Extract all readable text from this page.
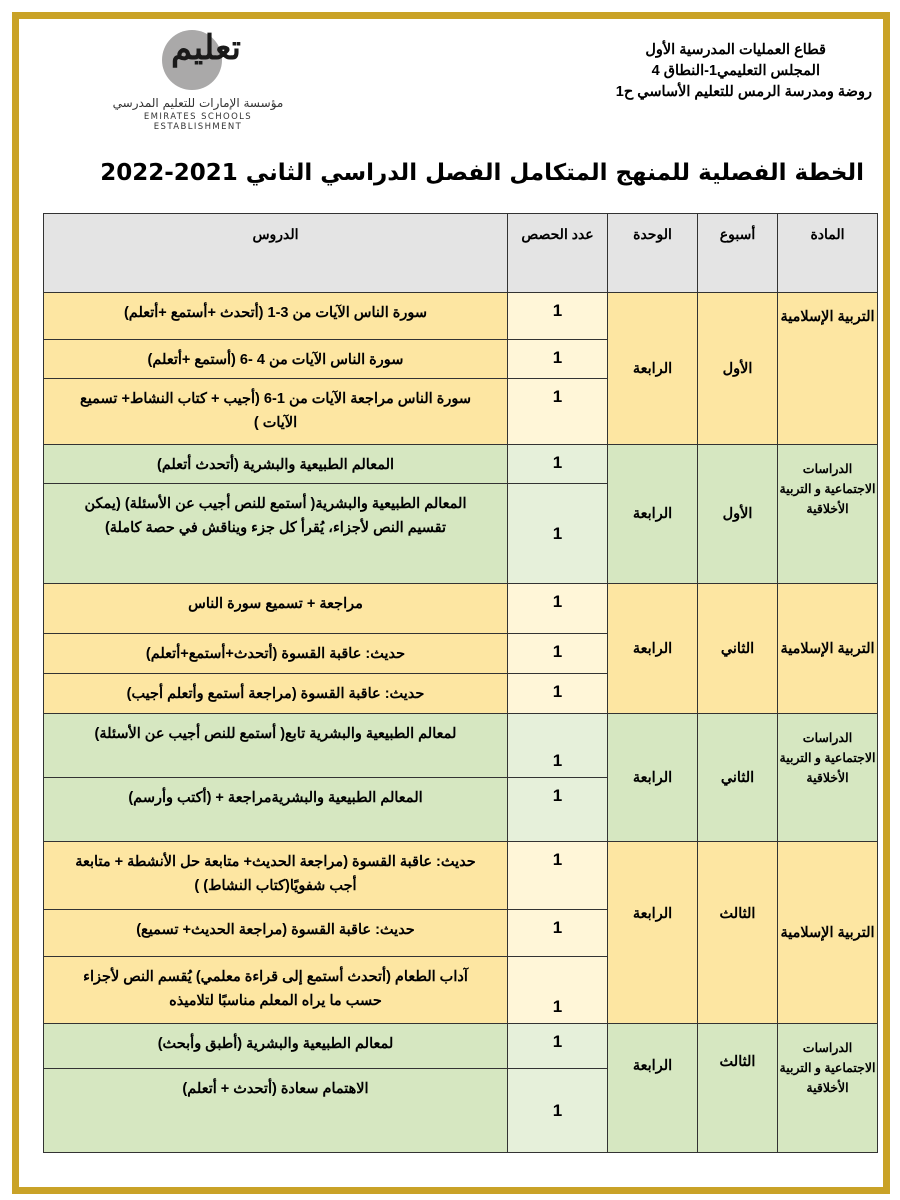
تعليم
مؤسسة الإمارات للتعليم المدرسي
EMIRATES SCHOOLS ESTABLISHMENT
قطاع العمليات المدرسية الأول
المجلس التعليمي1-النطاق 4
روضة ومدرسة الرمس للتعليم الأساسي ح1
الخطة الفصلية للمنهج المتكامل الفصل الدراسي الثاني 2021-2022
المادة	أسبوع	الوحدة	عدد الحصص	الدروس
التربية الإسلامية	الأول	الرابعة	1	سورة الناس الآيات من 3-1 (أتحدث +أستمع +أتعلم)
			1	سورة الناس الآيات من 4 -6 (أستمع +أتعلم)
			1	سورة الناس مراجعة الآيات من 1-6 (أجيب + كتاب النشاط+ تسميع الآيات )
الدراسات الاجتماعية و التربية الأخلاقية	الأول	الرابعة	1	المعالم الطبيعية والبشرية (أتحدث أتعلم)
			1	المعالم الطبيعية والبشرية( أستمع للنص أجيب عن الأسئلة) (يمكن تقسيم النص لأجزاء، يُقرأ كل جزء ويناقش في حصة كاملة)
التربية الإسلامية	الثاني	الرابعة	1	مراجعة + تسميع سورة الناس
			1	حديث: عاقبة القسوة (أتحدث+أستمع+أتعلم)
			1	حديث: عاقبة القسوة (مراجعة أستمع وأتعلم أجيب)
الدراسات الاجتماعية و التربية الأخلاقية	الثاني	الرابعة	1	لمعالم الطبيعية والبشرية تابع( أستمع للنص أجيب عن الأسئلة)
			1	المعالم الطبيعية والبشريةمراجعة + (أكتب وأرسم)
التربية الإسلامية	الثالث	الرابعة	1	حديث: عاقبة القسوة (مراجعة الحديث+ متابعة حل الأنشطة + متابعة أجب شفويًا(كتاب النشاط) )
			1	حديث: عاقبة القسوة (مراجعة الحديث+ تسميع)
			1	آداب الطعام (أتحدث أستمع إلى قراءة معلمي) يُقسم النص لأجزاء حسب ما يراه المعلم مناسبًا لتلاميذه
الدراسات الاجتماعية و التربية الأخلاقية	الثالث	الرابعة	1	لمعالم الطبيعية والبشرية (أطبق وأبحث)
			1	الاهتمام سعادة (أتحدث + أتعلم)
